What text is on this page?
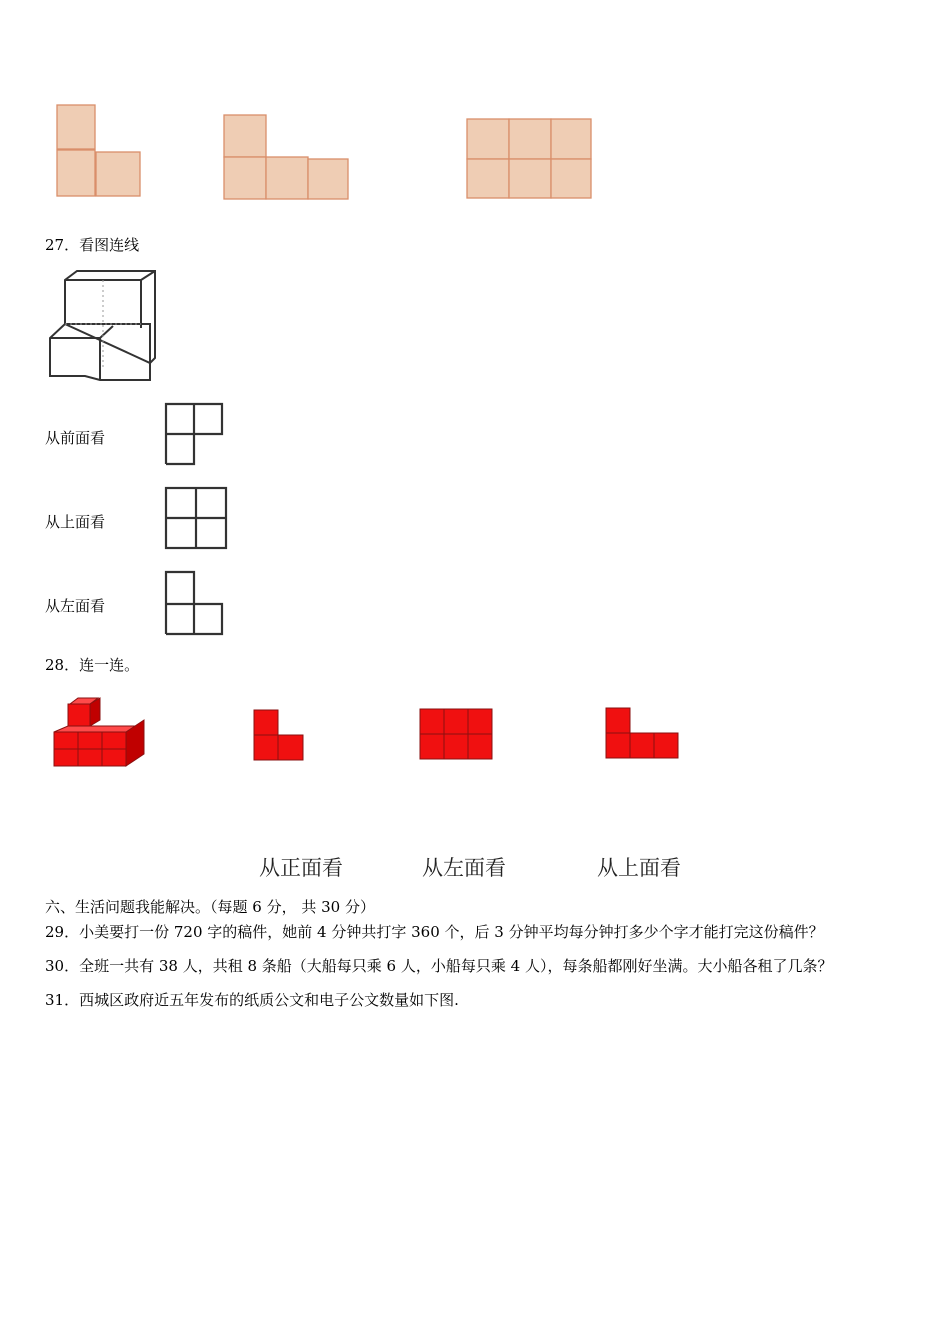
27．看图连线
从前面看
从上面看
从左面看
28．连一连。
从正面看	从左面看	从上面看
六、生活问题我能解决。（每题 6 分， 共 30 分）
29．小美要打一份 720 字的稿件，她前 4 分钟共打字 360 个，后 3 分钟平均每分钟打多少个字才能打完这份稿件？
30．全班一共有 38 人，共租 8 条船（大船每只乘 6 人，小船每只乘 4 人），每条船都刚好坐满。大小船各租了几条？
31．西城区政府近五年发布的纸质公文和电子公文数量如下图.
